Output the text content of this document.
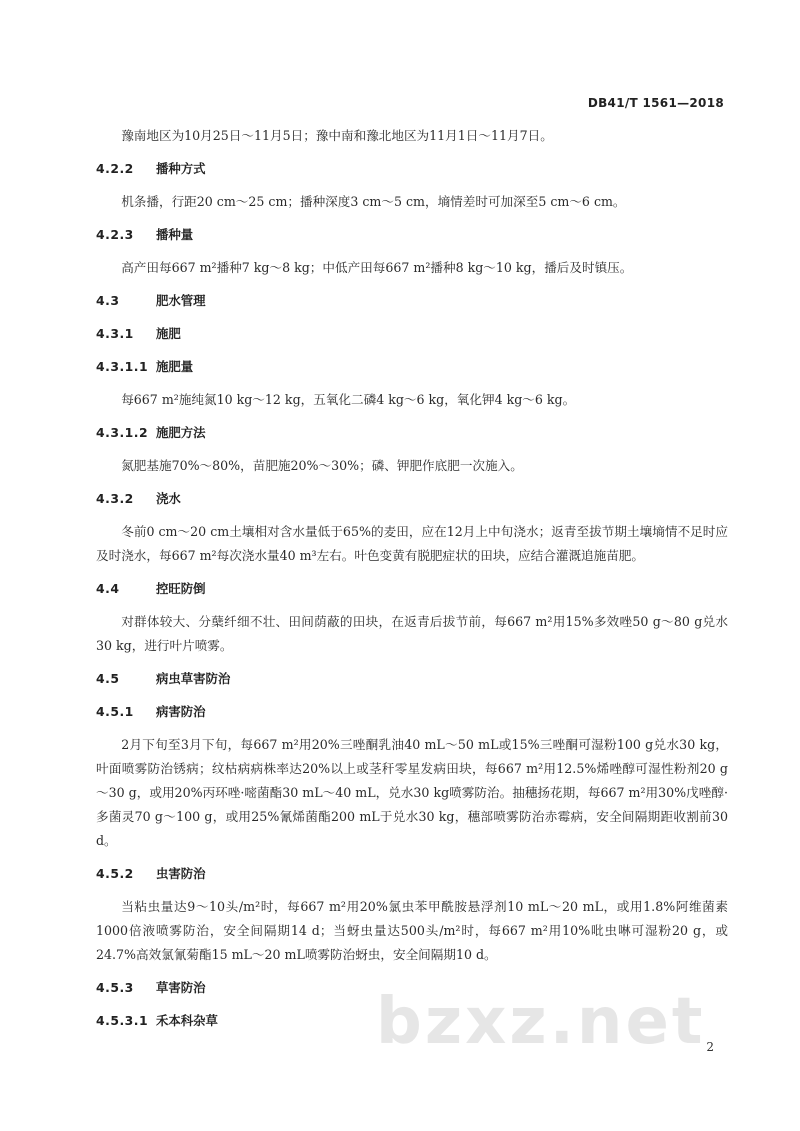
DB41/T 1561—2018

豫南地区为10月25日～11月5日；豫中南和豫北地区为11月1日～11月7日。

4.2.2 播种方式

机条播，行距20 cm～25 cm；播种深度3 cm～5 cm，墒情差时可加深至5 cm～6 cm。

4.2.3 播种量

高产田每667 m²播种7 kg～8 kg；中低产田每667 m²播种8 kg～10 kg，播后及时镇压。

4.3	肥水管理

4.3.1 施肥

4.3.1.1 施肥量

每667 m²施纯氮10 kg～12 kg，五氧化二磷4 kg～6 kg，氧化钾4 kg～6 kg。

4.3.1.2 施肥方法

氮肥基施70%～80%，苗肥施20%～30%；磷、钾肥作底肥一次施入。

4.3.2 浇水

冬前0 cm～20 cm土壤相对含水量低于65%的麦田，应在12月上中旬浇水；返青至拔节期土壤墒情不足时应及时浇水，每667 m²每次浇水量40 m³左右。叶色变黄有脱肥症状的田块，应结合灌溉追施苗肥。

4.4	控旺防倒

对群体较大、分蘖纤细不壮、田间荫蔽的田块，在返青后拔节前，每667 m²用15%多效唑50 g～80 g兑水30 kg，进行叶片喷雾。

4.5	病虫草害防治

4.5.1 病害防治

2月下旬至3月下旬，每667 m²用20%三唑酮乳油40 mL～50 mL或15%三唑酮可湿粉100 g兑水30 kg，叶面喷雾防治锈病；纹枯病病株率达20%以上或茎秆零星发病田块，每667 m²用12.5%烯唑醇可湿性粉剂20 g～30 g，或用20%丙环唑·嘧菌酯30 mL～40 mL，兑水30 kg喷雾防治。抽穗扬花期，每667 m²用30%戊唑醇·多菌灵70 g～100 g，或用25%氰烯菌酯200 mL于兑水30 kg，穗部喷雾防治赤霉病，安全间隔期距收割前30 d。

4.5.2 虫害防治

当粘虫量达9～10头/m²时，每667 m²用20%氯虫苯甲酰胺悬浮剂10 mL～20 mL，或用1.8%阿维菌素1000倍液喷雾防治，安全间隔期14 d；当蚜虫量达500头/m²时，每667 m²用10%吡虫啉可湿粉20 g，或24.7%高效氯氰菊酯15 mL～20 mL喷雾防治蚜虫，安全间隔期10 d。

4.5.3 草害防治

4.5.3.1 禾本科杂草	bzxz.net 2
